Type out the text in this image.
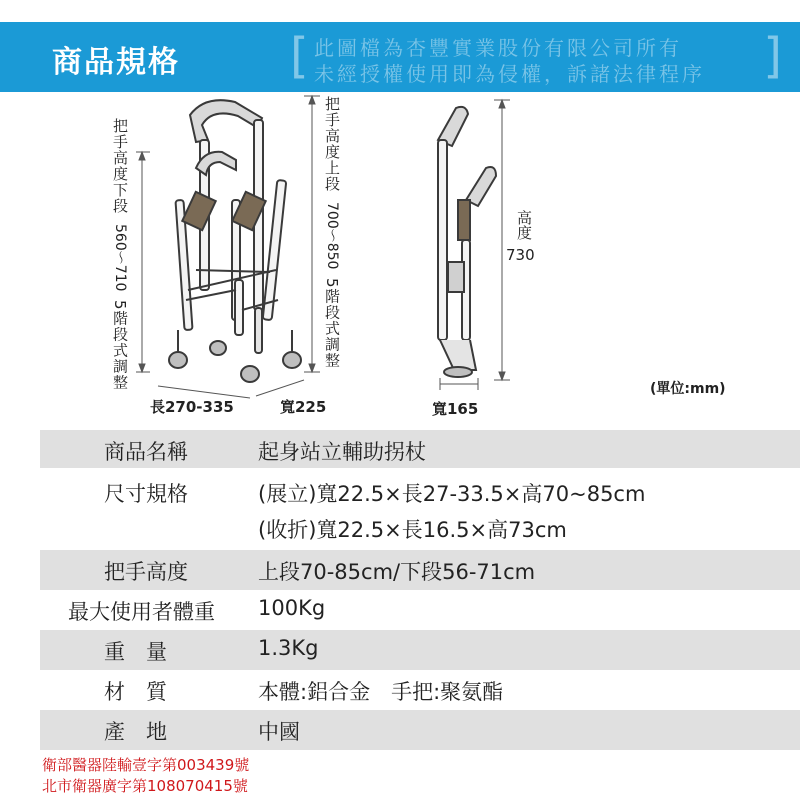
商品規格 [ 此圖檔為杏豐實業股份有限公司所有
未經授權使用即為侵權，訴諸法律程序 ]
把手高度下段
560～710
5階段式調整
把手高度上段
700～850
5階段式調整
高度
730
長270-335	寬225	寬165
(單位:mm)
商品名稱	起身站立輔助拐杖
尺寸規格	(展立)寬22.5×長27-33.5×高70~85cm
(收折)寬22.5×長16.5×高73cm
把手高度	上段70-85cm/下段56-71cm
最大使用者體重 100Kg
重　量	1.3Kg
材　質	本體:鋁合金　手把:聚氨酯
產　地	中國
衛部醫器陸輸壹字第003439號
北市衛器廣字第108070415號
